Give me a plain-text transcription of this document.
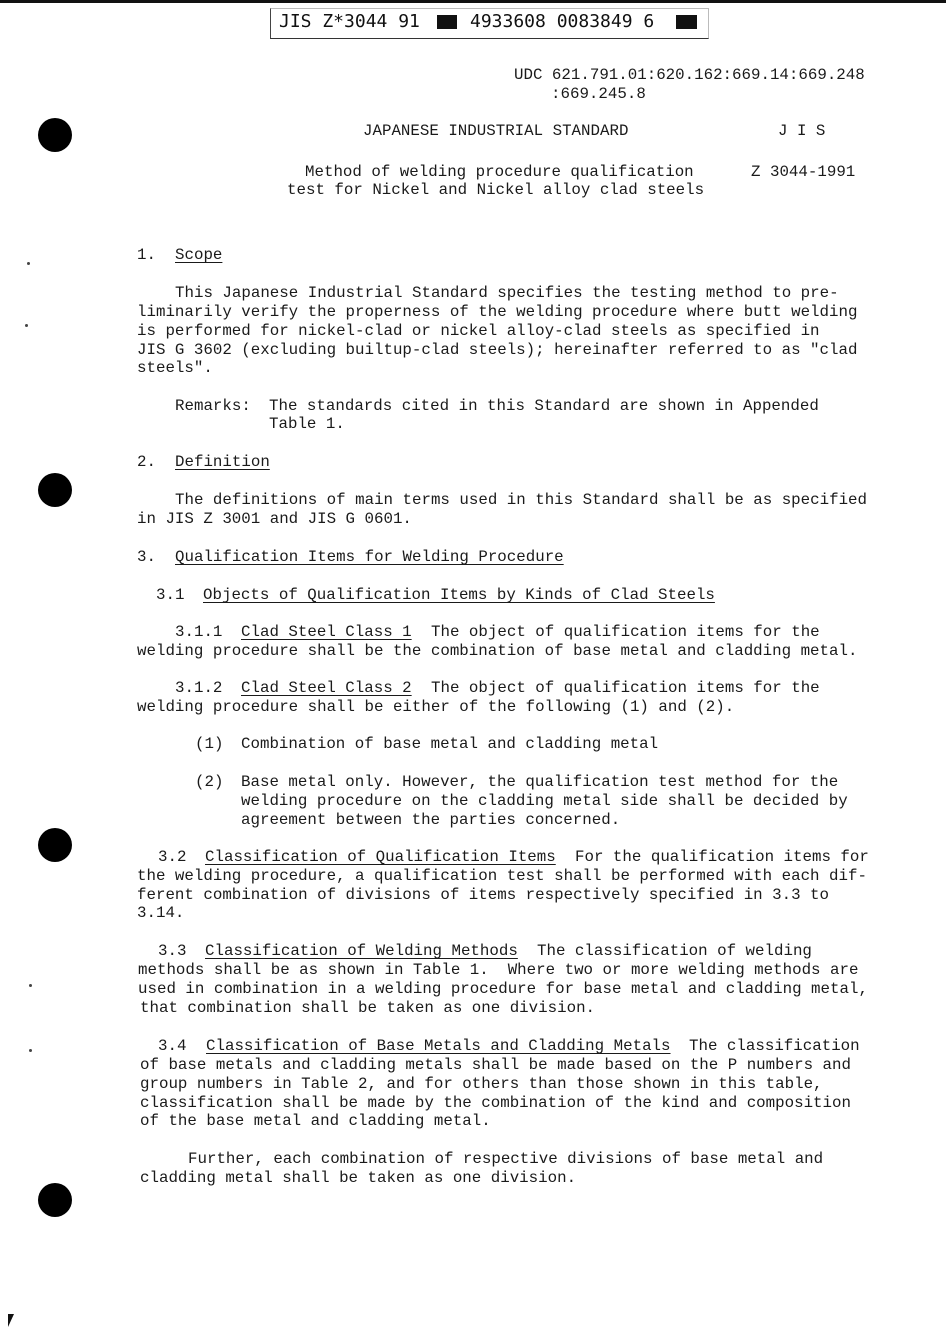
JIS Z*3044 91	4933608 0083849 6
UDC 621.791.01:620.162:669.14:669.248
:669.245.8
JAPANESE INDUSTRIAL STANDARD	J I S
Method of welding procedure qualification	Z 3044-1991
test for Nickel and Nickel alloy clad steels
1. Scope
This Japanese Industrial Standard specifies the testing method to pre-
liminarily verify the properness of the welding procedure where butt welding
is performed for nickel-clad or nickel alloy-clad steels as specified in
JIS G 3602 (excluding builtup-clad steels); hereinafter referred to as "clad
steels".
Remarks: The standards cited in this Standard are shown in Appended
Table 1.
2. Definition
The definitions of main terms used in this Standard shall be as specified
in JIS Z 3001 and JIS G 0601.
3. Qualification Items for Welding Procedure
3.1 Objects of Qualification Items by Kinds of Clad Steels
3.1.1 Clad Steel Class 1 The object of qualification items for the
welding procedure shall be the combination of base metal and cladding metal.
3.1.2 Clad Steel Class 2 The object of qualification items for the
welding procedure shall be either of the following (1) and (2).
(1) Combination of base metal and cladding metal
(2) Base metal only. However, the qualification test method for the
welding procedure on the cladding metal side shall be decided by
agreement between the parties concerned.
3.2 Classification of Qualification Items For the qualification items for
the welding procedure, a qualification test shall be performed with each dif-
ferent combination of divisions of items respectively specified in 3.3 to
3.14.
3.3 Classification of Welding Methods The classification of welding
methods shall be as shown in Table 1.  Where two or more welding methods are
used in combination in a welding procedure for base metal and cladding metal,
that combination shall be taken as one division.
3.4 Classification of Base Metals and Cladding Metals The classification
of base metals and cladding metals shall be made based on the P numbers and
group numbers in Table 2, and for others than those shown in this table,
classification shall be made by the combination of the kind and composition
of the base metal and cladding metal.
Further, each combination of respective divisions of base metal and
cladding metal shall be taken as one division.
